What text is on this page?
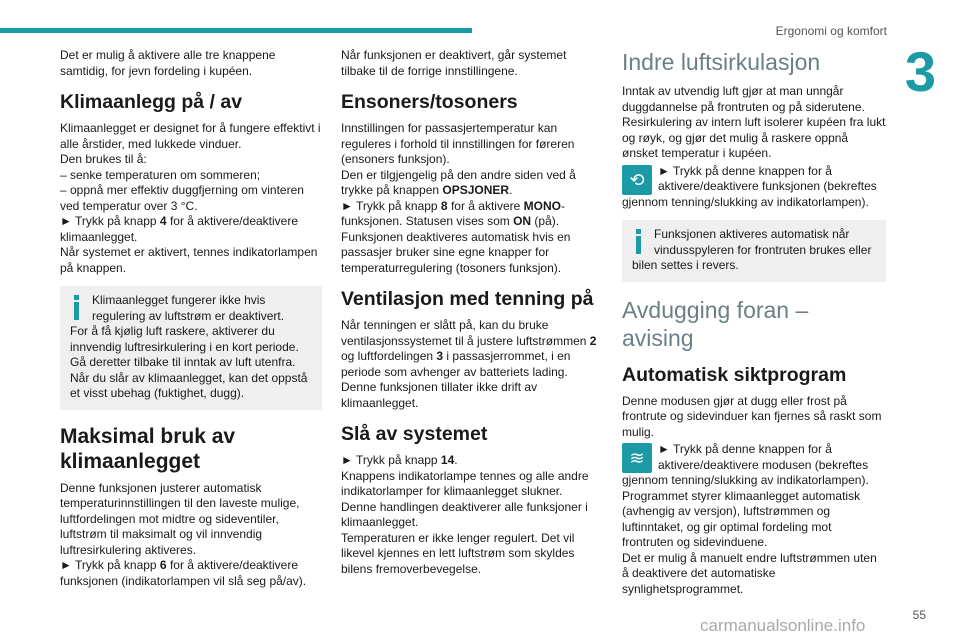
Ergonomi og komfort
3

Det er mulig å aktivere alle tre knappene samtidig, for jevn fordeling i kupéen.

Klimaanlegg på / av

Klimaanlegget er designet for å fungere effektivt i alle årstider, med lukkede vinduer.

Den brukes til å:

– senke temperaturen om sommeren;

– oppnå mer effektiv duggfjerning om vinteren ved temperatur over 3 °C.

► Trykk på knapp 4 for å aktivere/deaktivere klimaanlegget.

Når systemet er aktivert, tennes indikatorlampen på knappen.

Klimaanlegget fungerer ikke hvis regulering av luftstrøm er deaktivert.

For å få kjølig luft raskere, aktiverer du innvendig luftresirkulering i en kort periode. Gå deretter tilbake til inntak av luft utenfra.

Når du slår av klimaanlegget, kan det oppstå et visst ubehag (fuktighet, dugg).

Maksimal bruk av klimaanlegget

Denne funksjonen justerer automatisk temperaturinnstillingen til den laveste mulige, luftfordelingen mot midtre og sideventiler, luftstrøm til maksimalt og vil innvendig luftresirkulering aktiveres.

► Trykk på knapp 6 for å aktivere/deaktivere funksjonen (indikatorlampen vil slå seg på/av).

Når funksjonen er deaktivert, går systemet tilbake til de forrige innstillingene.

Ensoners/tosoners

Innstillingen for passasjertemperatur kan reguleres i forhold til innstillingen for føreren (ensoners funksjon).

Den er tilgjengelig på den andre siden ved å trykke på knappen OPSJONER.

► Trykk på knapp 8 for å aktivere MONO-funksjonen. Statusen vises som ON (på).

Funksjonen deaktiveres automatisk hvis en passasjer bruker sine egne knapper for temperaturregulering (tosoners funksjon).

Ventilasjon med tenning på

Når tenningen er slått på, kan du bruke ventilasjonssystemet til å justere luftstrømmen 2 og luftfordelingen 3 i passasjerrommet, i en periode som avhenger av batteriets lading.

Denne funksjonen tillater ikke drift av klimaanlegget.

Slå av systemet

► Trykk på knapp 14.

Knappens indikatorlampe tennes og alle andre indikatorlamper for klimaanlegget slukner.

Denne handlingen deaktiverer alle funksjoner i klimaanlegget.

Temperaturen er ikke lenger regulert. Det vil likevel kjennes en lett luftstrøm som skyldes bilens fremoverbevegelse.

Indre luftsirkulasjon

Inntak av utvendig luft gjør at man unngår duggdannelse på frontruten og på siderutene.

Resirkulering av intern luft isolerer kupéen fra lukt og røyk, og gjør det mulig å raskere oppnå ønsket temperatur i kupéen.

⟲	► Trykk på denne knappen for å aktivere/deaktivere funksjonen (bekreftes gjennom tenning/slukking av indikatorlampen).

Funksjonen aktiveres automatisk når vindusspyleren for frontruten brukes eller bilen settes i revers.

Avdugging foran – avising
Automatisk siktprogram

Denne modusen gjør at dugg eller frost på frontrute og sidevinduer kan fjernes så raskt som mulig.

≋	► Trykk på denne knappen for å aktivere/deaktivere modusen (bekreftes gjennom tenning/slukking av indikatorlampen).

Programmet styrer klimaanlegget automatisk (avhengig av versjon), luftstrømmen og luftinntaket, og gir optimal fordeling mot frontruten og sidevinduene.

Det er mulig å manuelt endre luftstrømmen uten å deaktivere det automatiske synlighetsprogrammet.

55
carmanualsonline.info
